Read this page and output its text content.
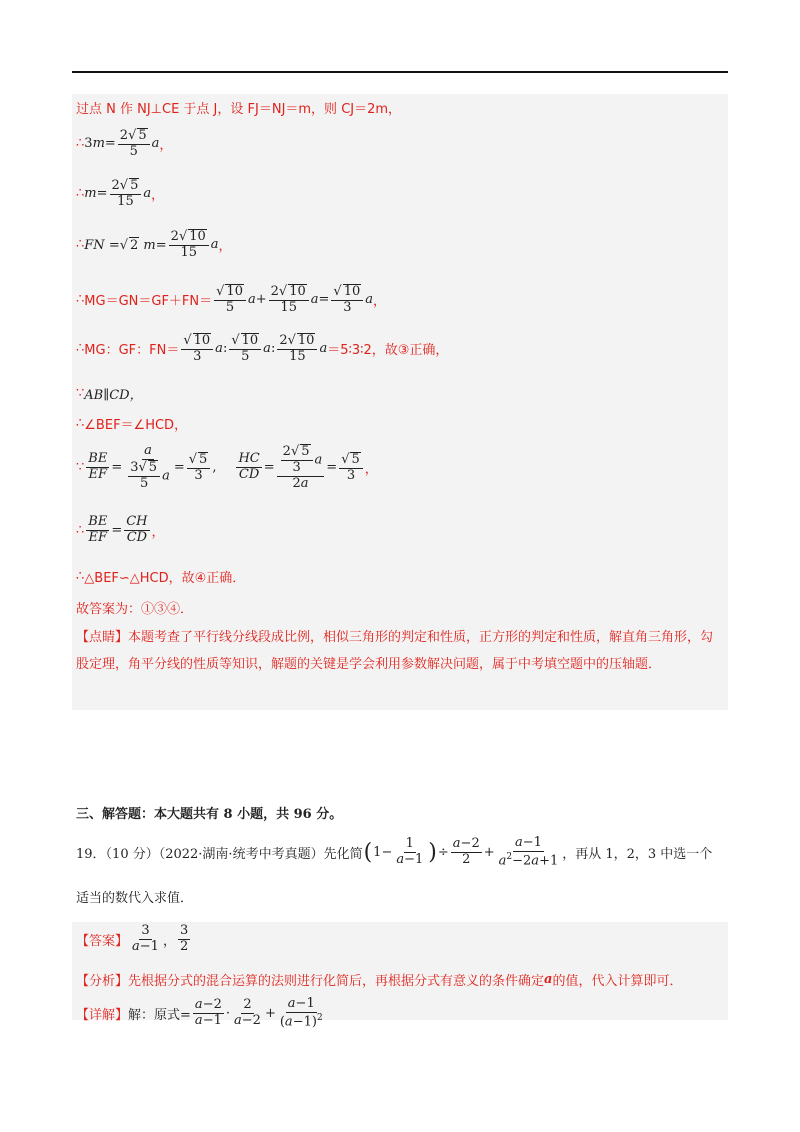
过点 N 作 NJ⊥CE 于点 J，设 FJ＝NJ＝m，则 CJ＝2m，
∴ $3m= \frac{2√ 5}{5}$ a ，
∴ $m = \frac{2√ 5}{15}$ a ，
∴ FN =√ 2 $m= \frac{2√ 10}{15}$ a ，
∴ $MG=GN=GF+FN= \frac{√ 10}{5} a+ \frac{2√ 10}{15} a= \frac{√ 10}{3}$ a ，
∴ MG：GF：$FN= \frac{√ 10}{3} a$: $\frac{√ 10}{5} a$: $\frac{2√ 10}{15}$ a ＝5∶3∶2，故③正确，
∵ AB∥CD，
∴ ∠BEF＝∠HCD，
∵ $\frac{BE}{EF} = \frac{a}{\frac{3√ 5}{5} a} = \frac{√ 5}{3}$ , $\frac{HC}{CD} = \frac{\frac{2√ 5}{3} a}{2a} = \frac{√ 5}{3}$ ，
∴ $\frac{BE}{EF} = \frac{CH}{CD}$ ，
∴ △BEF∽△HCD，故④正确．
故答案为：①③④．
【点睛】本题考查了平行线分线段成比例，相似三角形的判定和性质，正方形的判定和性质，解直角三角形，勾股定理，角平分线的性质等知识，解题的关键是学会利用参数解决问题，属于中考填空题中的压轴题．
三、解答题：本大题共有 8 小题，共 96 分。
19．（10 分）（2022·湖南·统考中考真题）先化简 ( $1- \frac{1}{a-1}$ ) ÷ $\frac{a-2}{2} + \frac{a-1}{a^2-2a+1}$ ，再从 1，2，3 中选一个
适当的数代入求值．
【答案】 $\frac{3}{a-1}$ ， $\frac{3}{2}$
【分析】 先根据分式的混合运算的法则进行化简后，再根据分式有意义的条件确定 a 的值，代入计算即可．
【详解】 解：原式= $\frac{a-2}{a-1} \cdot \frac{2}{a-2} + \frac{a-1}{(a-1)^2}$
